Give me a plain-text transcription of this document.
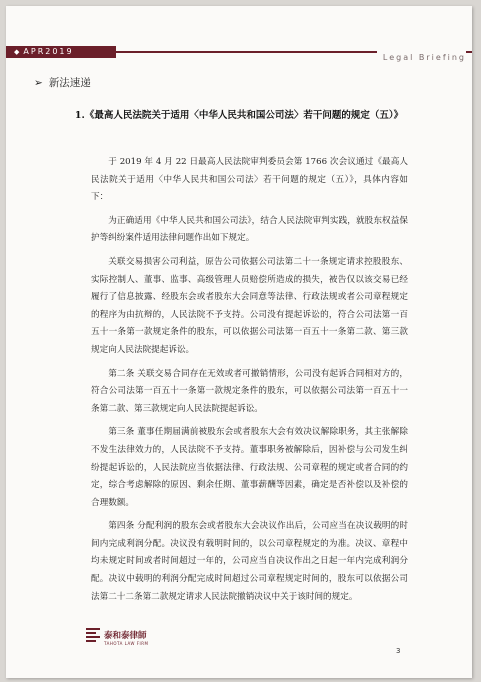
◆ APR2019
Legal Briefing
➢ 新法速递
1.《最高人民法院关于适用〈中华人民共和国公司法〉若干问题的规定（五）》

于 2019 年 4 月 22 日最高人民法院审判委员会第 1766 次会议通过《最高人民法院关于适用〈中华人民共和国公司法〉若干问题的规定（五）》，具体内容如下：

为正确适用《中华人民共和国公司法》，结合人民法院审判实践，就股东权益保护等纠纷案件适用法律问题作出如下规定。

关联交易损害公司利益，原告公司依据公司法第二十一条规定请求控股股东、实际控制人、董事、监事、高级管理人员赔偿所造成的损失，被告仅以该交易已经履行了信息披露、经股东会或者股东大会同意等法律、行政法规或者公司章程规定的程序为由抗辩的，人民法院不予支持。公司没有提起诉讼的，符合公司法第一百五十一条第一款规定条件的股东，可以依据公司法第一百五十一条第二款、第三款规定向人民法院提起诉讼。

第二条 关联交易合同存在无效或者可撤销情形，公司没有起诉合同相对方的，符合公司法第一百五十一条第一款规定条件的股东，可以依据公司法第一百五十一条第二款、第三款规定向人民法院提起诉讼。

第三条 董事任期届满前被股东会或者股东大会有效决议解除职务，其主张解除不发生法律效力的，人民法院不予支持。董事职务被解除后，因补偿与公司发生纠纷提起诉讼的，人民法院应当依据法律、行政法规、公司章程的规定或者合同的约定，综合考虑解除的原因、剩余任期、董事薪酬等因素，确定是否补偿以及补偿的合理数额。

第四条 分配利润的股东会或者股东大会决议作出后，公司应当在决议载明的时间内完成利润分配。决议没有载明时间的，以公司章程规定的为准。决议、章程中均未规定时间或者时间超过一年的，公司应当自决议作出之日起一年内完成利润分配。决议中载明的利润分配完成时间超过公司章程规定时间的，股东可以依据公司法第二十二条第二款规定请求人民法院撤销决议中关于该时间的规定。

泰和泰律師
TAHOTA LAW FIRM
3
